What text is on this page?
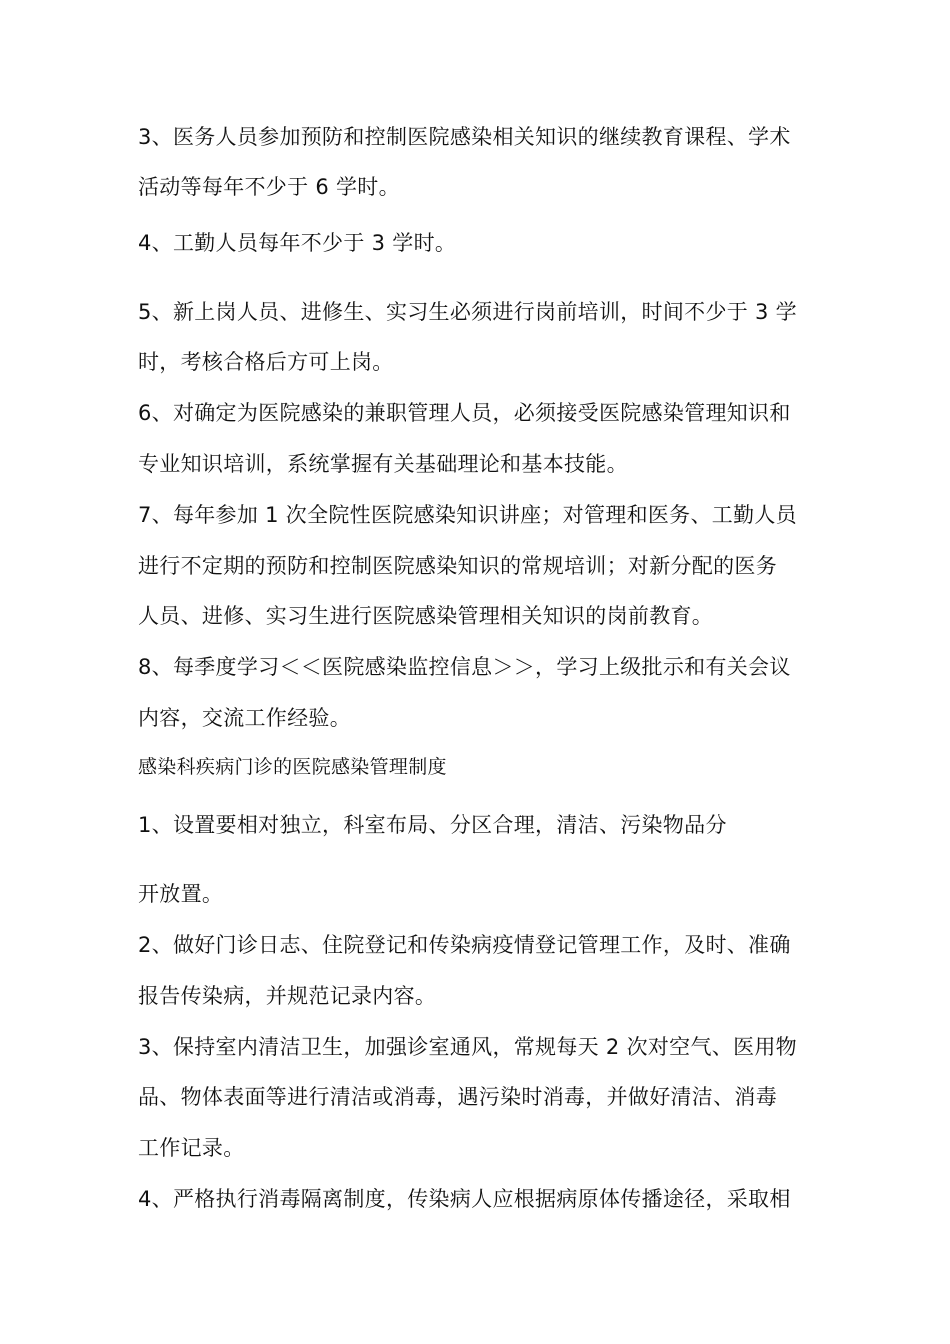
3、医务人员参加预防和控制医院感染相关知识的继续教育课程、学术
活动等每年不少于 6 学时。
4、工勤人员每年不少于 3 学时。
5、新上岗人员、进修生、实习生必须进行岗前培训，时间不少于 3 学
时，考核合格后方可上岗。
6、对确定为医院感染的兼职管理人员，必须接受医院感染管理知识和
专业知识培训，系统掌握有关基础理论和基本技能。
7、每年参加 1 次全院性医院感染知识讲座；对管理和医务、工勤人员
进行不定期的预防和控制医院感染知识的常规培训；对新分配的医务
人员、进修、实习生进行医院感染管理相关知识的岗前教育。
8、每季度学习＜＜医院感染监控信息＞＞，学习上级批示和有关会议
内容，交流工作经验。
感染科疾病门诊的医院感染管理制度
1、设置要相对独立，科室布局、分区合理，清洁、污染物品分
开放置。
2、做好门诊日志、住院登记和传染病疫情登记管理工作，及时、准确
报告传染病，并规范记录内容。
3、保持室内清洁卫生，加强诊室通风，常规每天 2 次对空气、医用物
品、物体表面等进行清洁或消毒，遇污染时消毒，并做好清洁、消毒
工作记录。
4、严格执行消毒隔离制度，传染病人应根据病原体传播途径，采取相
